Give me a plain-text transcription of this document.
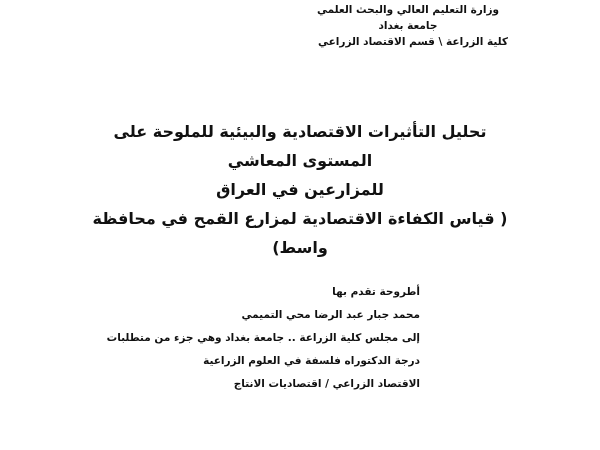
وزارة التعليم العالي والبحث العلمي
جامعة بغداد
كلية الزراعة \ قسم الاقتصاد الزراعي
تحليل التأثيرات الاقتصادية والبيئية للملوحة على المستوى المعاشي
للمزارعين في العراق
( قياس الكفاءة الاقتصادية لمزارع القمح في محافظة واسط)
أطروحة تقدم بها
محمد جبار عبد الرضا محي التميمي
إلى مجلس كلية الزراعة .. جامعة بغداد وهي جزء من متطلبات
درجة الدكتوراه فلسفة في العلوم الزراعية
الاقتصاد الزراعي / اقتصاديات الانتاج
